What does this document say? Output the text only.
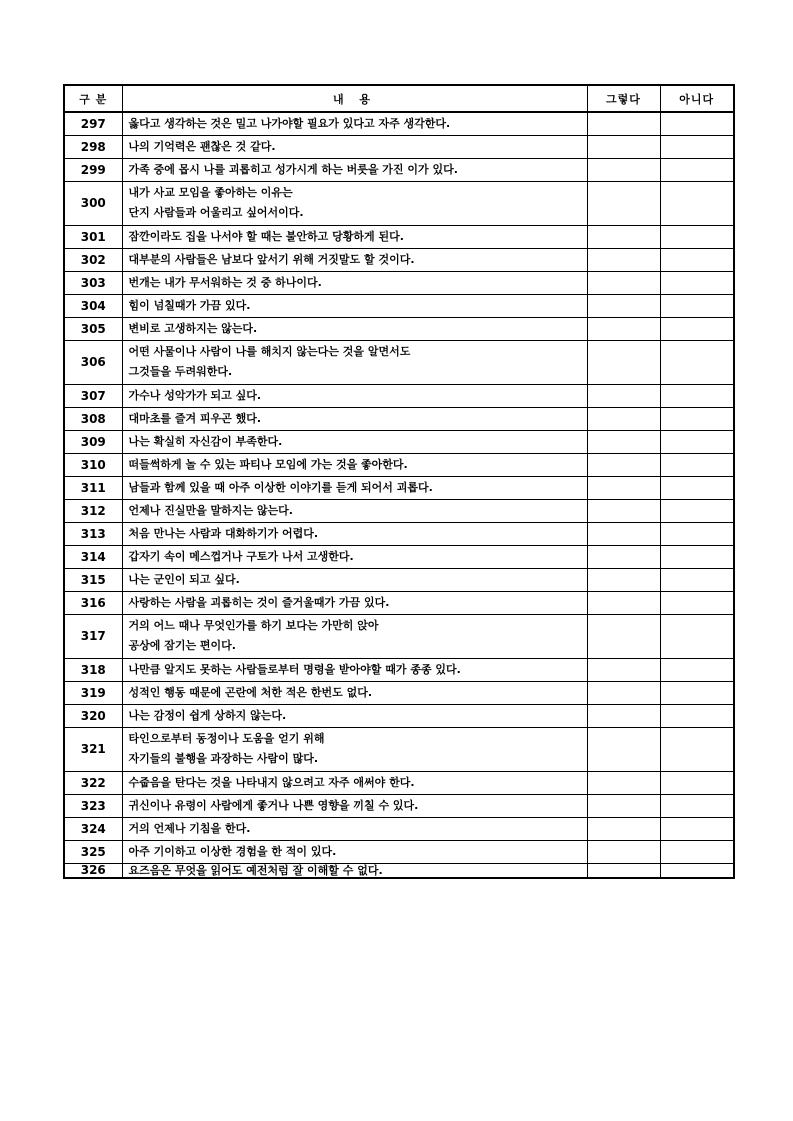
구 분	내 용	그렇다	아니다
297	옳다고 생각하는 것은 밀고 나가야할 필요가 있다고 자주 생각한다.		

298	나의 기억력은 괜찮은 것 같다.		

299	가족 중에 몹시 나를 괴롭히고 성가시게 하는 버릇을 가진 이가 있다.		

300	내가 사교 모임을 좋아하는 이유는
단지 사람들과 어울리고 싶어서이다.		

301	잠깐이라도 집을 나서야 할 때는 불안하고 당황하게 된다.		

302	대부분의 사람들은 남보다 앞서기 위해 거짓말도 할 것이다.		

303	번개는 내가 무서워하는 것 중 하나이다.		

304	힘이 넘칠때가 가끔 있다.		

305	변비로 고생하지는 않는다.		

306	어떤 사물이나 사람이 나를 해치지 않는다는 것을 알면서도
그것들을 두려워한다.		

307	가수나 성악가가 되고 싶다.		

308	대마초를 즐겨 피우곤 했다.		

309	나는 확실히 자신감이 부족한다.		

310	떠들썩하게 놀 수 있는 파티나 모임에 가는 것을 좋아한다.		

311	남들과 함께 있을 때 아주 이상한 이야기를 듣게 되어서 괴롭다.		

312	언제나 진실만을 말하지는 않는다.		

313	처음 만나는 사람과 대화하기가 어렵다.		

314	갑자기 속이 메스껍거나 구토가 나서 고생한다.		

315	나는 군인이 되고 싶다.		

316	사랑하는 사람을 괴롭히는 것이 즐거울때가 가끔 있다.		

317	거의 어느 때나 무엇인가를 하기 보다는 가만히 앉아
공상에 잠기는 편이다.		

318	나만큼 알지도 못하는 사람들로부터 명령을 받아야할 때가 종종 있다.		

319	성적인 행동 때문에 곤란에 처한 적은 한번도 없다.		

320	나는 감정이 쉽게 상하지 않는다.		

321	타인으로부터 동정이나 도움을 얻기 위해
자기들의 불행을 과장하는 사람이 많다.		

322	수줍음을 탄다는 것을 나타내지 않으려고 자주 애써야 한다.		

323	귀신이나 유령이 사람에게 좋거나 나쁜 영향을 끼칠 수 있다.		

324	거의 언제나 기침을 한다.		

325	아주 기이하고 이상한 경험을 한 적이 있다.		

326	요즈음은 무엇을 읽어도 예전처럼 잘 이해할 수 없다.		
